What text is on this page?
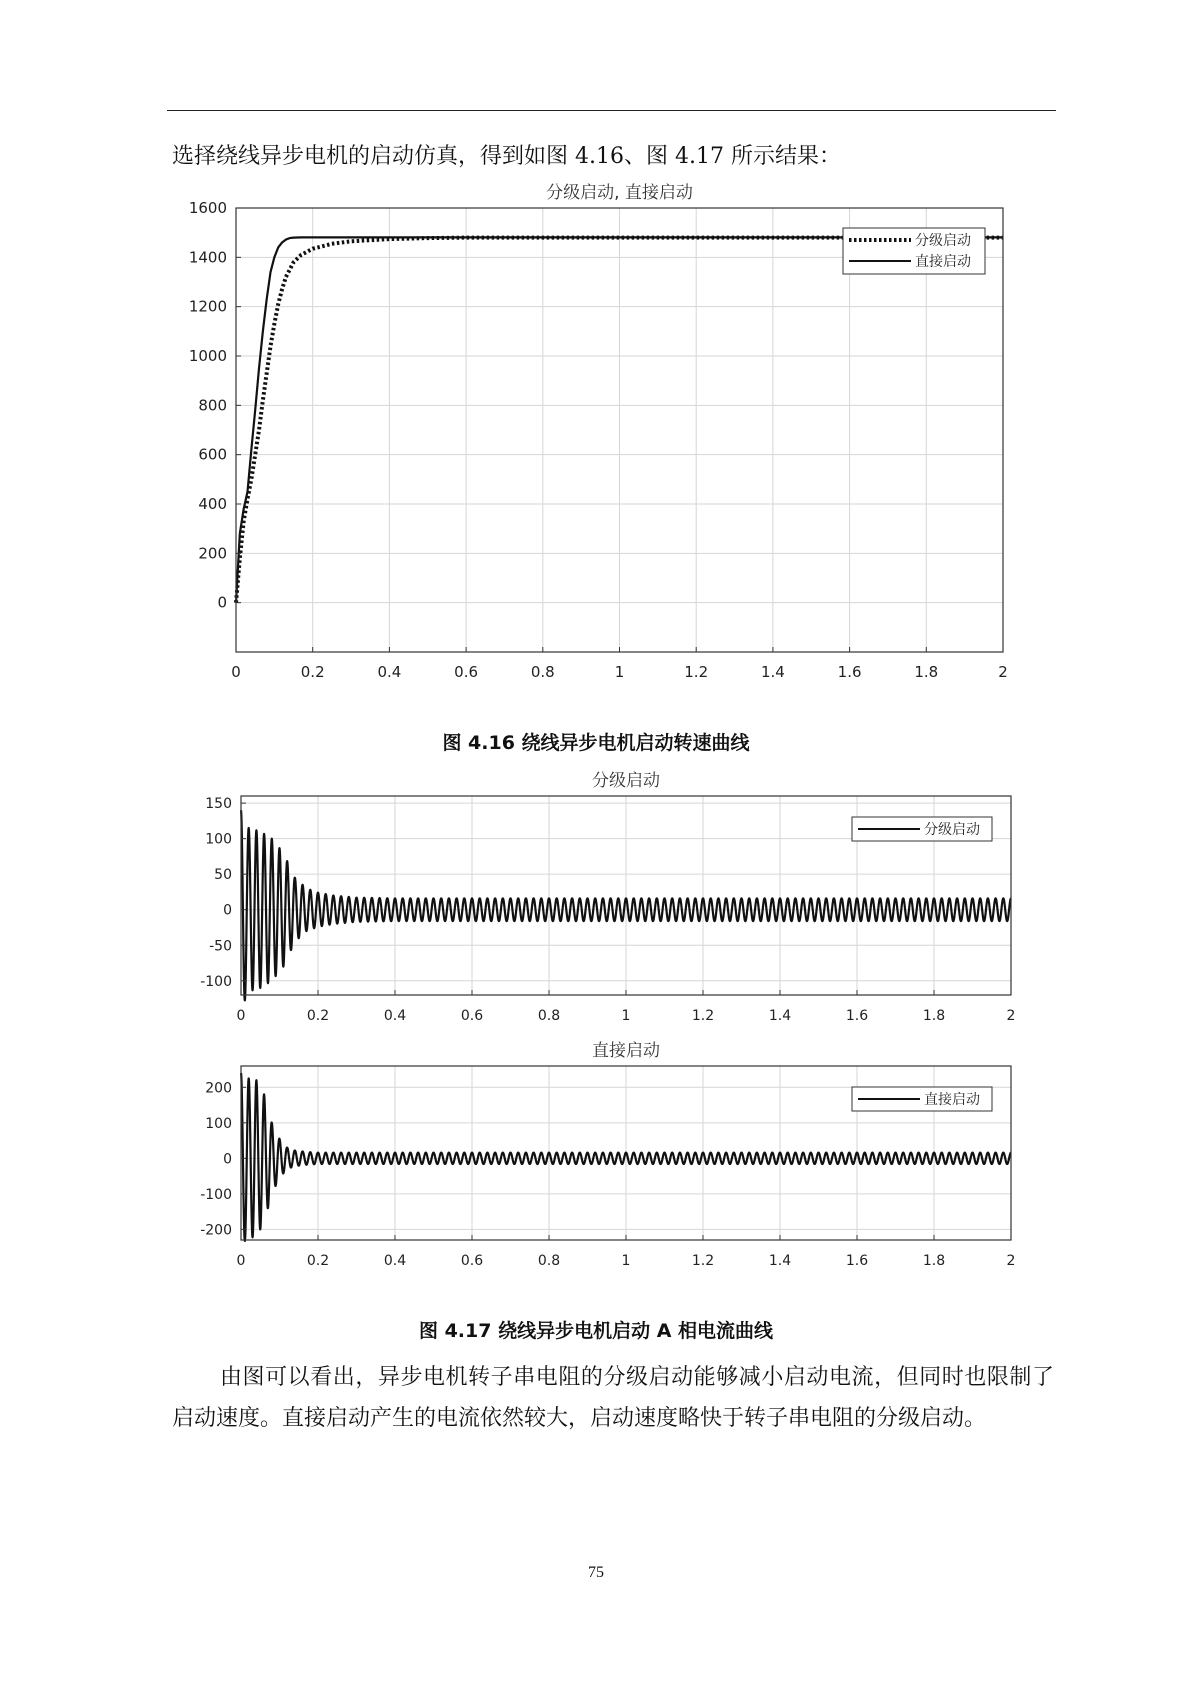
选择绕线异步电机的启动仿真，得到如图 4.16、图 4.17 所示结果：
0	0.2	0.4	0.6	0.8	1	1.2	1.4	1.6	1.8	2
0
200
400
600
800
1000
1200
1400
1600
分级启动, 直接启动
分级启动
直接启动
图 4.16 绕线异步电机启动转速曲线
0	0.2	0.4	0.6	0.8	1	1.2	1.4	1.6	1.8	2
-100
-50
0
50
100
150
分级启动
分级启动
0	0.2	0.4	0.6	0.8	1	1.2	1.4	1.6	1.8	2
-200
-100
0
100
200
直接启动
直接启动
图 4.17 绕线异步电机启动 A 相电流曲线
由图可以看出，异步电机转子串电阻的分级启动能够减小启动电流，但同时也限制了启动速度。直接启动产生的电流依然较大，启动速度略快于转子串电阻的分级启动。
75
